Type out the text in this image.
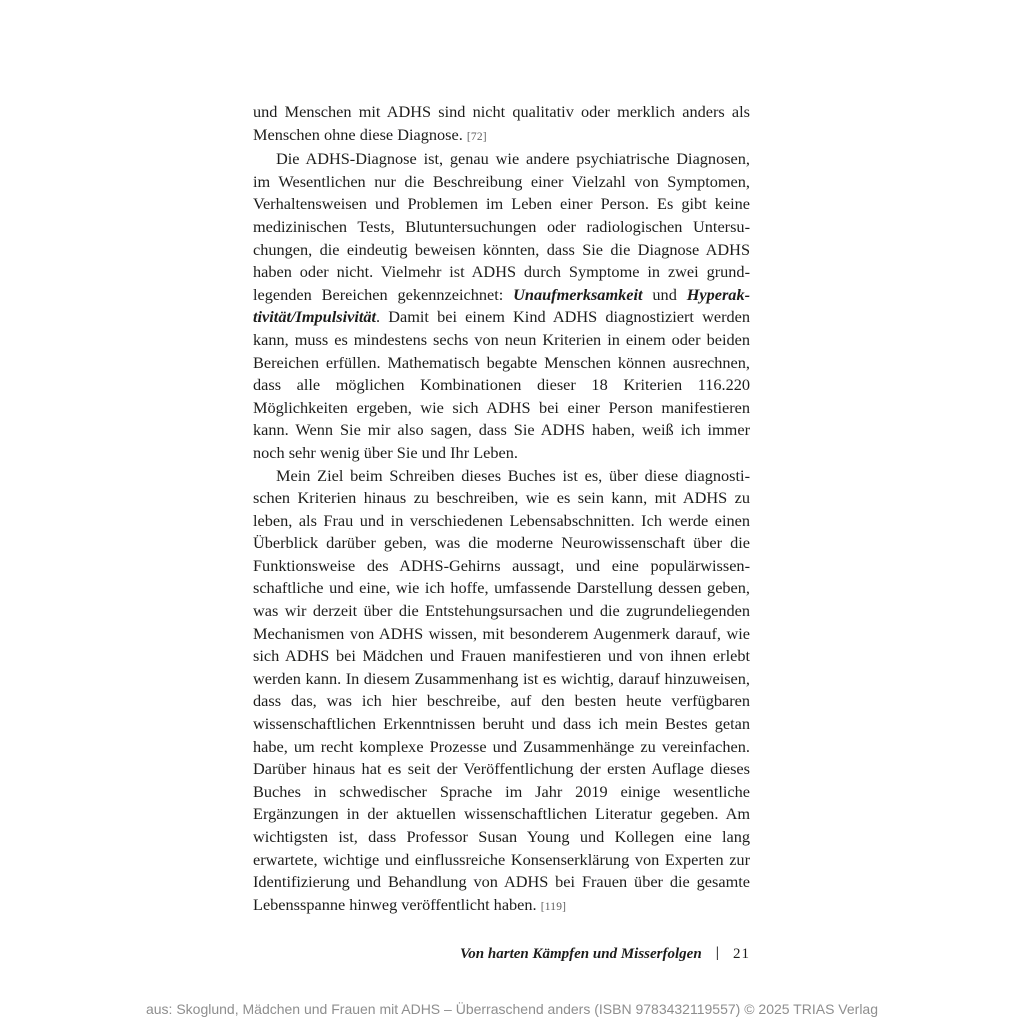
und Menschen mit ADHS sind nicht qualitativ oder merklich anders als Menschen ohne diese Diagnose. [72]

Die ADHS-Diagnose ist, genau wie andere psychiatrische Diagnosen, im Wesentlichen nur die Beschreibung einer Vielzahl von Symptomen, Verhaltensweisen und Problemen im Leben einer Person. Es gibt keine medizinischen Tests, Blutuntersuchungen oder radiologischen Untersuchungen, die eindeutig beweisen könnten, dass Sie die Diagnose ADHS haben oder nicht. Vielmehr ist ADHS durch Symptome in zwei grundlegenden Bereichen gekennzeichnet: Unaufmerksamkeit und Hyperaktivität/Impulsivität. Damit bei einem Kind ADHS diagnostiziert werden kann, muss es mindestens sechs von neun Kriterien in einem oder beiden Bereichen erfüllen. Mathematisch begabte Menschen können ausrechnen, dass alle möglichen Kombinationen dieser 18 Kriterien 116.220 Möglichkeiten ergeben, wie sich ADHS bei einer Person manifestieren kann. Wenn Sie mir also sagen, dass Sie ADHS haben, weiß ich immer noch sehr wenig über Sie und Ihr Leben.

Mein Ziel beim Schreiben dieses Buches ist es, über diese diagnostischen Kriterien hinaus zu beschreiben, wie es sein kann, mit ADHS zu leben, als Frau und in verschiedenen Lebensabschnitten. Ich werde einen Überblick darüber geben, was die moderne Neurowissenschaft über die Funktionsweise des ADHS-Gehirns aussagt, und eine populärwissenschaftliche und eine, wie ich hoffe, umfassende Darstellung dessen geben, was wir derzeit über die Entstehungsursachen und die zugrundeliegenden Mechanismen von ADHS wissen, mit besonderem Augenmerk darauf, wie sich ADHS bei Mädchen und Frauen manifestieren und von ihnen erlebt werden kann. In diesem Zusammenhang ist es wichtig, darauf hinzuweisen, dass das, was ich hier beschreibe, auf den besten heute verfügbaren wissenschaftlichen Erkenntnissen beruht und dass ich mein Bestes getan habe, um recht komplexe Prozesse und Zusammenhänge zu vereinfachen. Darüber hinaus hat es seit der Veröffentlichung der ersten Auflage dieses Buches in schwedischer Sprache im Jahr 2019 einige wesentliche Ergänzungen in der aktuellen wissenschaftlichen Literatur gegeben. Am wichtigsten ist, dass Professor Susan Young und Kollegen eine lang erwartete, wichtige und einflussreiche Konsenserklärung von Experten zur Identifizierung und Behandlung von ADHS bei Frauen über die gesamte Lebensspanne hinweg veröffentlicht haben. [119]

Von harten Kämpfen und Misserfolgen | 21
aus: Skoglund, Mädchen und Frauen mit ADHS – Überraschend anders (ISBN 9783432119557) © 2025 TRIAS Verlag
